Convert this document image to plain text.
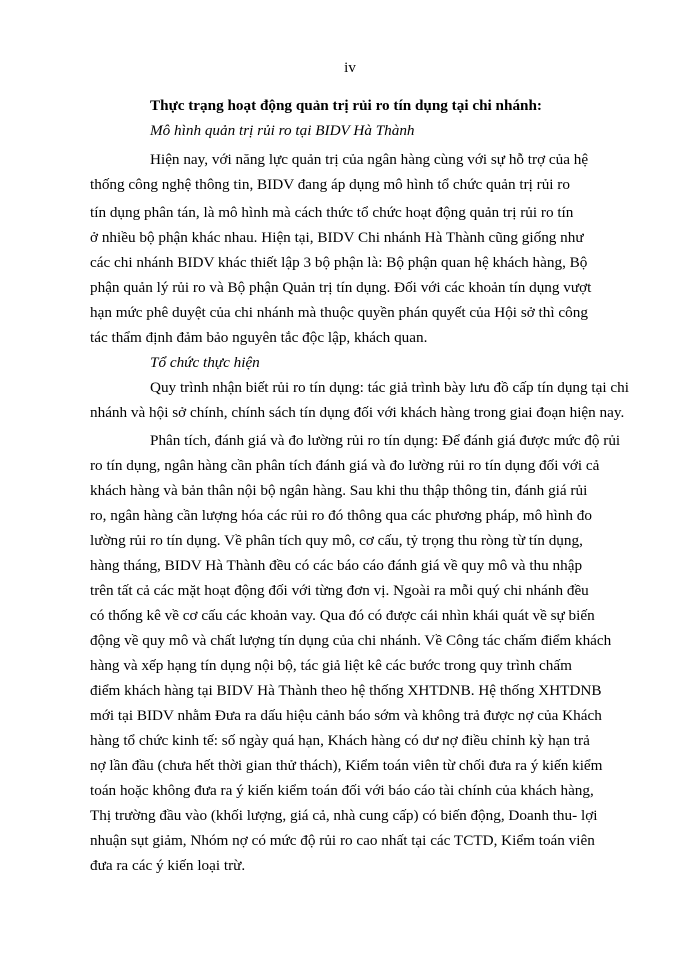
iv
Thực trạng hoạt động quản trị rủi ro tín dụng tại chi nhánh:
Mô hình quản trị rủi ro tại BIDV Hà Thành
Hiện nay, với năng lực quản trị của ngân hàng cùng với sự hỗ trợ của hệ
thống công nghệ thông tin, BIDV đang áp dụng mô hình tổ chức quản trị rủi ro
tín dụng phân tán, là mô hình mà cách thức tổ chức hoạt động quản trị rủi ro tín
ở nhiều bộ phận khác nhau. Hiện tại, BIDV Chi nhánh Hà Thành cũng giống như
các chi nhánh BIDV khác thiết lập 3 bộ phận là: Bộ phận quan hệ khách hàng, Bộ
phận quản lý rủi ro và Bộ phận Quản trị tín dụng. Đối với các khoản tín dụng vượt
hạn mức phê duyệt của chi nhánh mà thuộc quyền phán quyết của Hội sở thì công
tác thẩm định đảm bảo nguyên tắc độc lập, khách quan.
Tổ chức thực hiện
Quy trình nhận biết rủi ro tín dụng: tác giả trình bày lưu đồ cấp tín dụng tại chi
nhánh và hội sở chính, chính sách tín dụng đối với khách hàng trong giai đoạn hiện nay.
Phân tích, đánh giá và đo lường rủi ro tín dụng: Để đánh giá được mức độ rủi
ro tín dụng, ngân hàng cần phân tích đánh giá và đo lường rủi ro tín dụng đối với cả
khách hàng và bản thân nội bộ ngân hàng. Sau khi thu thập thông tin, đánh giá rủi
ro, ngân hàng cần lượng hóa các rủi ro đó thông qua các phương pháp, mô hình đo
lường rủi ro tín dụng. Về phân tích quy mô, cơ cấu, tỷ trọng thu ròng từ tín dụng,
hàng tháng, BIDV Hà Thành đều có các báo cáo đánh giá về quy mô và thu nhập
trên tất cả các mặt hoạt động đối với từng đơn vị. Ngoài ra mỗi quý chi nhánh đều
có thống kê về cơ cấu các khoản vay. Qua đó có được cái nhìn khái quát về sự biến
động về quy mô và chất lượng tín dụng của chi nhánh. Về Công tác chấm điểm khách
hàng và xếp hạng tín dụng nội bộ, tác giả liệt kê các bước trong quy trình chấm
điểm khách hàng tại BIDV Hà Thành theo hệ thống XHTDNB. Hệ thống XHTDNB
mới tại BIDV nhằm Đưa ra dấu hiệu cảnh báo sớm và không trả được nợ của Khách
hàng tổ chức kinh tế: số ngày quá hạn, Khách hàng có dư nợ điều chỉnh kỳ hạn trả
nợ lần đầu (chưa hết thời gian thử thách), Kiểm toán viên từ chối đưa ra ý kiến kiểm
toán hoặc không đưa ra ý kiến kiểm toán đối với báo cáo tài chính của khách hàng,
Thị trường đầu vào (khối lượng, giá cả, nhà cung cấp) có biến động, Doanh thu- lợi
nhuận sụt giảm, Nhóm nợ có mức độ rủi ro cao nhất tại các TCTD, Kiểm toán viên
đưa ra các ý kiến loại trừ.
